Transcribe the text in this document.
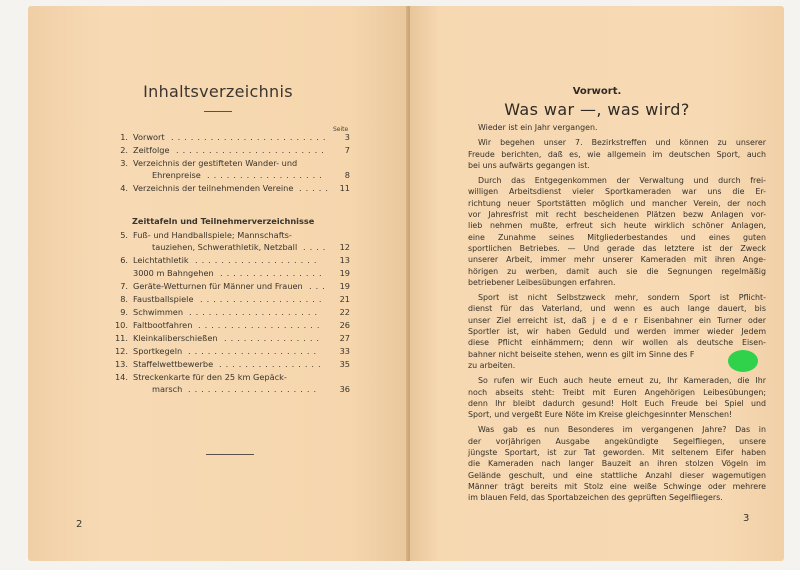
Inhaltsverzeichnis
Seite
1. Vorwort	3
........................
2. Zeitfolge	7
.......................
3. Verzeichnis der gestifteten Wander- und
Ehrenpreise	8
..................
4. Verzeichnis der teilnehmenden Vereine	11
.....
Zeittafeln und Teilnehmerverzeichnisse
5. Fuß- und Handballspiele; Mannschafts-
tauziehen, Schwerathletik, Netzball	12
....
6. Leichtathletik	13
...................
3000 m Bahngehen	19
................
7. Geräte-Wetturnen für Männer und Frauen	19
...
8. Faustballspiele	21
...................
9. Schwimmen	22
....................
10. Faltbootfahren	26
...................
11. Kleinkaliberschießen	27
...............
12. Sportkegeln	33
....................
13. Staffelwettbewerbe	35
................
14. Streckenkarte für den 25 km Gepäck-
marsch	36
....................
2
Vorwort.
Was war —, was wird?
3
Wieder ist ein Jahr vergangen.
Wir begehen unser 7. Bezirkstreffen und können zu unserer
Freude berichten, daß es, wie allgemein im deutschen Sport, auch
bei uns aufwärts gegangen ist.
Durch das Entgegenkommen der Verwaltung und durch frei-
willigen Arbeitsdienst vieler Sportkameraden war uns die Er-
richtung neuer Sportstätten möglich und mancher Verein, der noch
vor Jahresfrist mit recht bescheidenen Plätzen bezw Anlagen vor-
lieb nehmen mußte, erfreut sich heute wirklich schöner Anlagen,
eine Zunahme seines Mitgliederbestandes und eines guten
sportlichen Betriebes. — Und gerade das letztere ist der Zweck
unserer Arbeit, immer mehr unserer Kameraden mit ihren Ange-
hörigen zu werben, damit auch sie die Segnungen regelmäßig
betriebener Leibesübungen erfahren.
Sport ist nicht Selbstzweck mehr, sondern Sport ist Pflicht-
dienst für das Vaterland, und wenn es auch lange dauert, bis
unser Ziel erreicht ist, daß j e d e r Eisenbahner ein Turner oder
Sportler ist, wir haben Geduld und werden immer wieder Jedem
diese Pflicht einhämmern; denn wir wollen als deutsche Eisen-
bahner nicht beiseite stehen, wenn es gilt im Sinne des F
zu arbeiten.
So rufen wir Euch auch heute erneut zu, Ihr Kameraden, die Ihr
noch abseits steht: Treibt mit Euren Angehörigen Leibesübungen;
denn Ihr bleibt dadurch gesund! Holt Euch Freude bei Spiel und
Sport, und vergeßt Eure Nöte im Kreise gleichgesinnter Menschen!
Was gab es nun Besonderes im vergangenen Jahre? Das in
der vorjährigen Ausgabe angekündigte Segelfliegen, unsere
jüngste Sportart, ist zur Tat geworden. Mit seltenem Eifer haben
die Kameraden nach langer Bauzeit an ihren stolzen Vögeln im
Gelände geschult, und eine stattliche Anzahl dieser wagemutigen
Männer trägt bereits mit Stolz eine weiße Schwinge oder mehrere
im blauen Feld, das Sportabzeichen des geprüften Segelfliegers.
